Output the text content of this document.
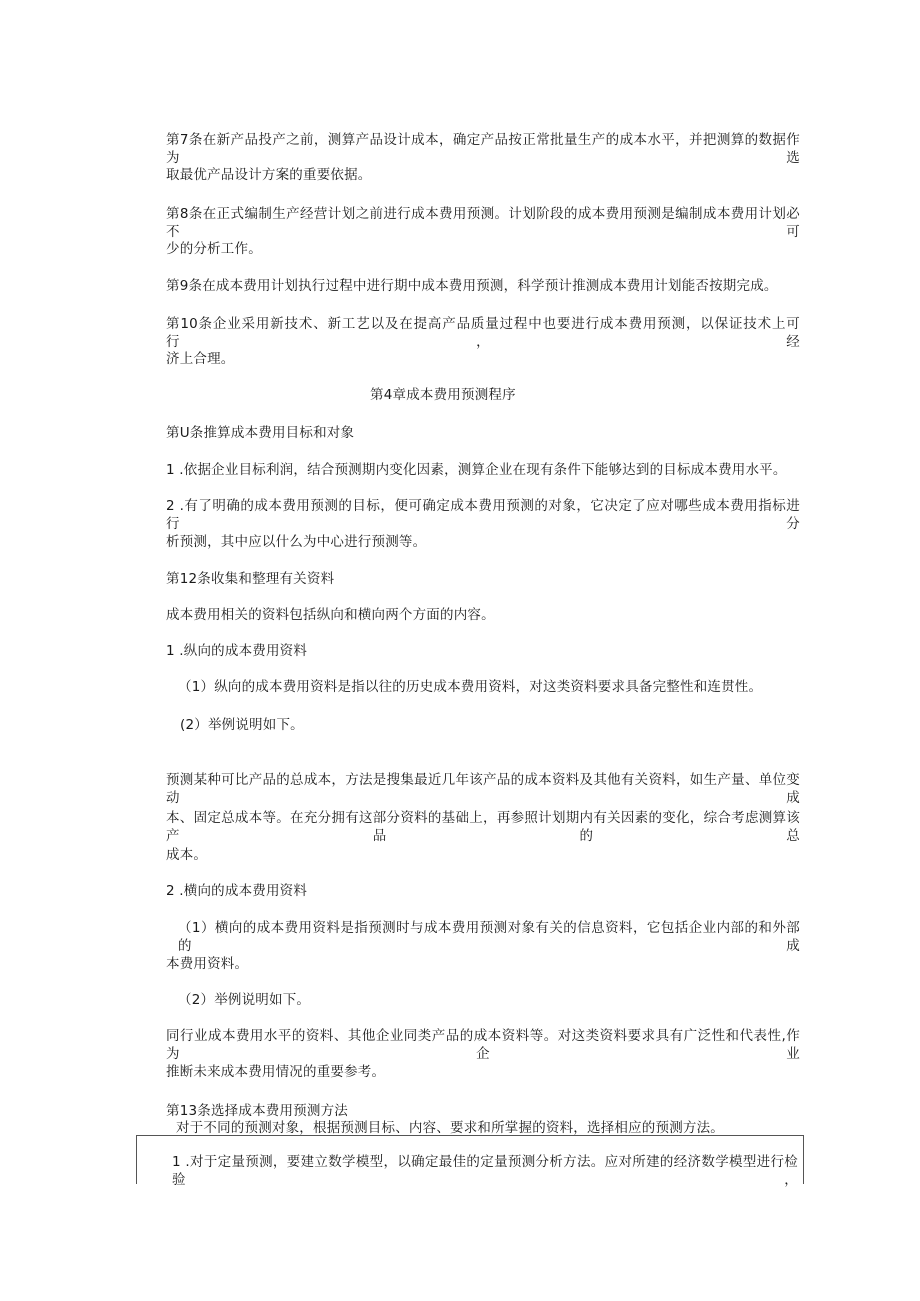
第7条在新产品投产之前，测算产品设计成本，确定产品按正常批量生产的成本水平，并把测算的数据作为选
取最优产品设计方案的重要依据。
第8条在正式编制生产经营计划之前进行成本费用预测。计划阶段的成本费用预测是编制成本费用计划必不可
少的分析工作。
第9条在成本费用计划执行过程中进行期中成本费用预测，科学预计推测成本费用计划能否按期完成。
第10条企业采用新技术、新工艺以及在提高产品质量过程中也要进行成本费用预测，以保证技术上可行，经
济上合理。
第4章成本费用预测程序
第U条推算成本费用目标和对象
1 .依据企业目标利润，结合预测期内变化因素，测算企业在现有条件下能够达到的目标成本费用水平。
2 .有了明确的成本费用预测的目标，便可确定成本费用预测的对象，它决定了应对哪些成本费用指标进行分
析预测，其中应以什么为中心进行预测等。
第12条收集和整理有关资料
成本费用相关的资料包括纵向和横向两个方面的内容。
1 .纵向的成本费用资料
（1）纵向的成本费用资料是指以往的历史成本费用资料，对这类资料要求具备完整性和连贯性。
(2）举例说明如下。
预测某种可比产品的总成本，方法是搜集最近几年该产品的成本资料及其他有关资料，如生产量、单位变动成
本、固定总成本等。在充分拥有这部分资料的基础上，再参照计划期内有关因素的变化，综合考虑测算该产品的总
成本。
2 .横向的成本费用资料
（1）横向的成本费用资料是指预测时与成本费用预测对象有关的信息资料，它包括企业内部的和外部的成
本费用资料。
（2）举例说明如下。
同行业成本费用水平的资料、其他企业同类产品的成本资料等。对这类资料要求具有广泛性和代表性,作为企业
推断未来成本费用情况的重要参考。
第13条选择成本费用预测方法
对于不同的预测对象，根据预测目标、内容、要求和所掌握的资料，选择相应的预测方法。
1 .对于定量预测，要建立数学模型，以确定最佳的定量预测分析方法。应对所建的经济数学模型进行检验，
